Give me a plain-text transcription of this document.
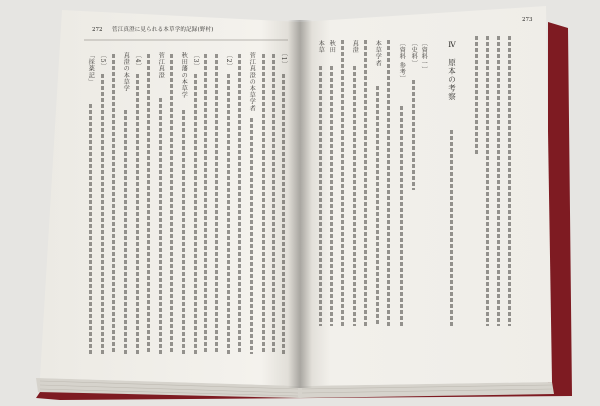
272 菅江真澄に見られる本草学的記録(野村)
273
〔1〕
菅江真澄の本草学者
〔2〕
〔3〕
秋田藩の本草学
菅江真澄
〔4〕
真澄の本草学
〔5〕
「採薬記」	Ⅳ　原本の考察
〔資料一〕
〔史料〕
〔資料 参考〕
本草学者
真澄
秋田
本草
